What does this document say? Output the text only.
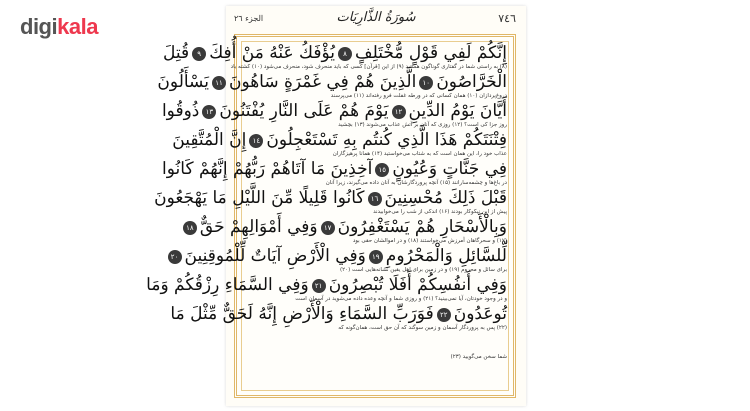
digikala	الجزء ٢٦	سُورَةُ الذَّارِيَات	٧٤٦
إِنَّكُمْ لَفِي قَوْلٍ مُّخْتَلِفٍ٨يُؤْفَكُ عَنْهُ مَنْ أُفِكَ٩قُتِلَ
(۸) به راستی شما در گفتاری گوناگون هستید (۹) از این [قرآن] کسی که باید منحرف شود، منحرف می‌شود (۱۰) کشته باد
الْخَرَّاصُونَ١٠الَّذِينَ هُمْ فِي غَمْرَةٍ سَاهُونَ١١يَسْأَلُونَ
دروغ‌پردازان (۱۰) همان کسانی که در ورطه غفلت فرو رفته‌اند (۱۱) می‌پرسند
أَيَّانَ يَوْمُ الدِّينِ١٢يَوْمَ هُمْ عَلَى النَّارِ يُفْتَنُونَ١٣ذُوقُوا
روز جزا کی است؟ (۱۲) روزی که آنان بر آتش عذاب می‌شوند (۱۳) بچشید
فِتْنَتَكُمْ هَذَا الَّذِي كُنتُم بِهِ تَسْتَعْجِلُونَ١٤إِنَّ الْمُتَّقِينَ
عذاب خود را، این همان است که به شتاب می‌خواستید (۱۴) همانا پرهیزگاران
فِي جَنَّاتٍ وَعُيُونٍ١٥آخِذِينَ مَا آتَاهُمْ رَبُّهُمْ إِنَّهُمْ كَانُوا
در باغ‌ها و چشمه‌سارانند (۱۵) آنچه پروردگارشان به آنان داده می‌گیرند، زیرا آنان
قَبْلَ ذَلِكَ مُحْسِنِينَ١٦كَانُوا قَلِيلًا مِّنَ اللَّيْلِ مَا يَهْجَعُونَ
پیش از این نیکوکار بودند (۱۶) اندکی از شب را می‌خوابیدند
وَبِالْأَسْحَارِ هُمْ يَسْتَغْفِرُونَ١٧وَفِي أَمْوَالِهِمْ حَقٌّ١٨
(۱۷) و سحرگاهان آمرزش می‌خواستند (۱۸) و در اموالشان حقی بود
لِّلسَّائِلِ وَالْمَحْرُومِ١٩وَفِي الْأَرْضِ آيَاتٌ لِّلْمُوقِنِينَ٢٠
برای سائل و محروم (۱۹) و در زمین برای اهل یقین نشانه‌هایی است (۲۰)
وَفِي أَنفُسِكُمْ أَفَلَا تُبْصِرُونَ٢١وَفِي السَّمَاءِ رِزْقُكُمْ وَمَا
و در وجود خودتان، آیا نمی‌بینید؟ (۲۱) و روزی شما و آنچه وعده داده می‌شوید در آسمان است
تُوعَدُونَ٢٢فَوَرَبِّ السَّمَاءِ وَالْأَرْضِ إِنَّهُ لَحَقٌّ مِّثْلَ مَا
(۲۲) پس به پروردگار آسمان و زمین سوگند که آن حق است، همان‌گونه که
شما سخن می‌گویید (۲۳)
